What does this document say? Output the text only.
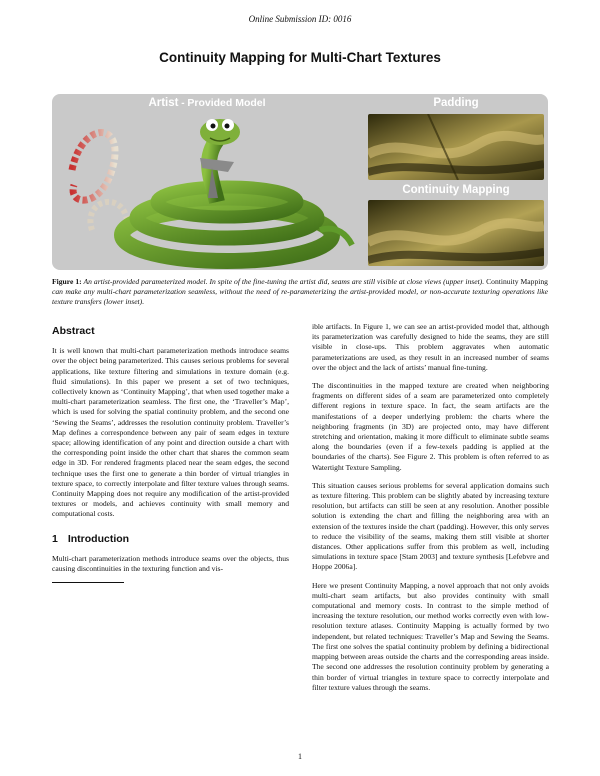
Online Submission ID: 0016
Continuity Mapping for Multi-Chart Textures
Artist - Provided Model	Padding
Continuity Mapping
Figure 1: An artist-provided parameterized model. In spite of the fine-tuning the artist did, seams are still visible at close views (upper inset). Continuity Mapping can make any multi-chart parameterization seamless, without the need of re-parameterizing the artist-provided model, or non-accurate texturing operations like texture transfers (lower inset).
Abstract

It is well known that multi-chart parameterization methods introduce seams over the object being parameterized. This causes serious problems for several applications, like texture filtering and simulations in texture domain (e.g. fluid simulations). In this paper we present a set of two techniques, collectively known as ‘Continuity Mapping’, that when used together make a multi-chart parameterization seamless. The first one, the ‘Traveller’s Map’, which is used for solving the spatial continuity problem, and the second one ‘Sewing the Seams’, addresses the resolution continuity problem. Traveller’s Map defines a correspondence between any pair of seam edges in texture space; allowing identification of any point and direction outside a chart with the corresponding point inside the other chart that shares the common seam edge in 3D. For rendered fragments placed near the seam edges, the second technique uses the first one to generate a thin border of virtual triangles in texture space, to correctly interpolate and filter texture values through seams. Continuity Mapping does not require any modification of the artist-provided textures or models, and achieves continuity with small memory and computational costs.

1 Introduction

Multi-chart parameterization methods introduce seams over the objects, thus causing discontinuities in the texturing function and vis-

ible artifacts. In Figure 1, we can see an artist-provided model that, although its parameterization was carefully designed to hide the seams, they are still visible in close-ups. This problem aggravates when automatic parameterizations are used, as they result in an increased number of seams over the object and the lack of artists’ manual fine-tuning.

The discontinuities in the mapped texture are created when neighboring fragments on different sides of a seam are parameterized onto completely different regions in texture space. In fact, the seam artifacts are the manifestations of a deeper underlying problem: the charts where the neighboring fragments (in 3D) are projected onto, may have different stretching and orientation, making it more difficult to eliminate subtle seams along the boundaries (even if a few-texels padding is applied at the boundaries of the charts). See Figure 2. This problem is often referred to as Watertight Texture Sampling.

This situation causes serious problems for several application domains such as texture filtering. This problem can be slightly abated by increasing texture resolution, but artifacts can still be seen at any resolution. Another possible solution is extending the chart and filling the neighboring area with an extension of the textures inside the chart (padding). However, this only serves to reduce the visibility of the seams, making them still visible at shorter distances. Other applications suffer from this problem as well, including simulations in texture space [Stam 2003] and texture synthesis [Lefebvre and Hoppe 2006a].

Here we present Continuity Mapping, a novel approach that not only avoids multi-chart seam artifacts, but also provides continuity with small computational and memory costs. In contrast to the simple method of increasing the texture resolution, our method works correctly even with low-resolution texture atlases. Continuity Mapping is actually formed by two independent, but related techniques: Traveller’s Map and Sewing the Seams. The first one solves the spatial continuity problem by defining a bidirectional mapping between areas outside the charts and the corresponding areas inside. The second one addresses the resolution continuity problem by generating a thin border of virtual triangles in texture space to correctly interpolate and filter texture values through the seams.

1
